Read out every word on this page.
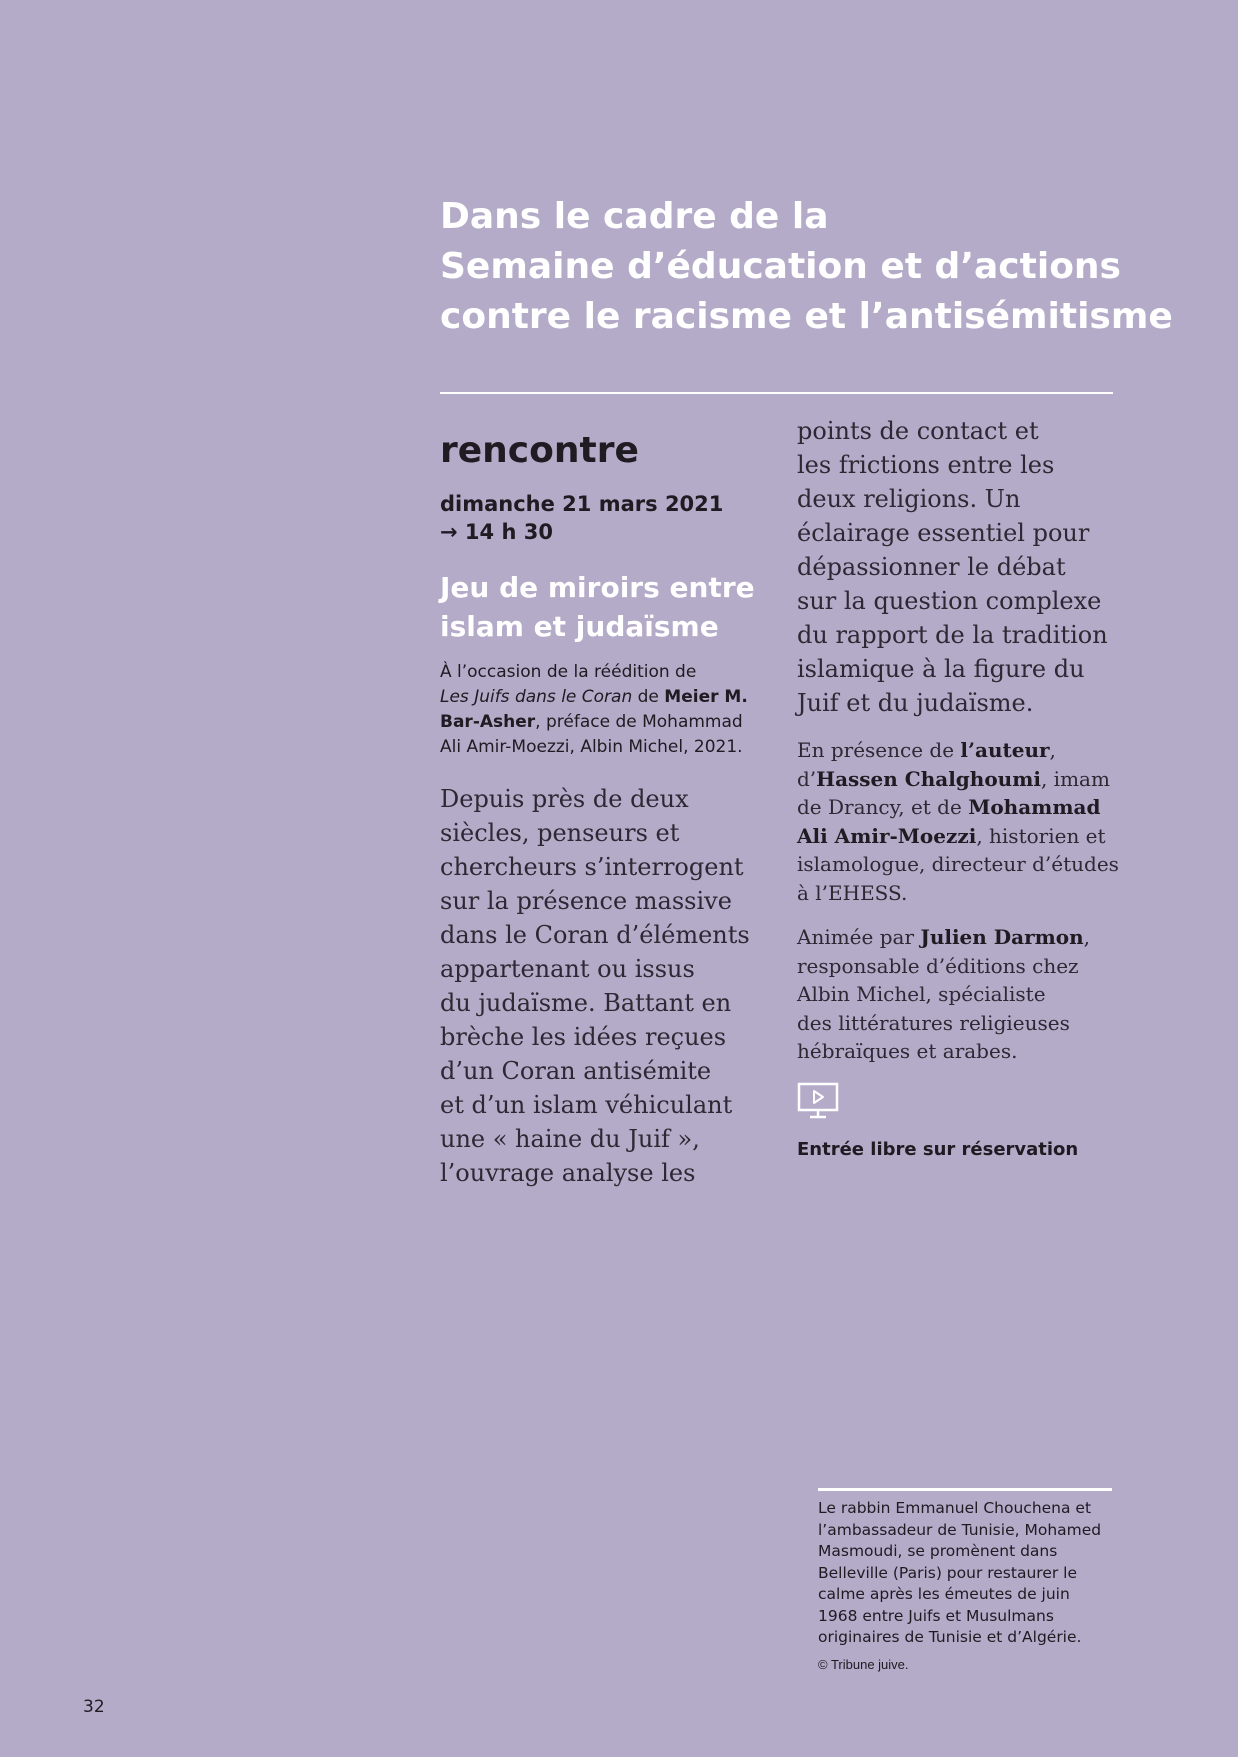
Dans le cadre de la
Semaine d’éducation et d’actions
contre le racisme et l’antisémitisme
rencontre
dimanche 21 mars 2021
→ 14 h 30
Jeu de miroirs entre
islam et judaïsme
À l’occasion de la réédition de
Les Juifs dans le Coran de Meier M.
Bar-Asher, préface de Mohammad
Ali Amir-Moezzi, Albin Michel, 2021.
Depuis près de deux
siècles, penseurs et
chercheurs s’interrogent
sur la présence massive
dans le Coran d’éléments
appartenant ou issus
du judaïsme. Battant en
brèche les idées reçues
d’un Coran antisémite
et d’un islam véhiculant
une « haine du Juif »,
l’ouvrage analyse les
points de contact et
les frictions entre les
deux religions. Un
éclairage essentiel pour
dépassionner le débat
sur la question complexe
du rapport de la tradition
islamique à la figure du
Juif et du judaïsme.
En présence de l’auteur,
d’Hassen Chalghoumi, imam
de Drancy, et de Mohammad
Ali Amir-Moezzi, historien et
islamologue, directeur d’études
à l’EHESS.
Animée par Julien Darmon,
responsable d’éditions chez
Albin Michel, spécialiste
des littératures religieuses
hébraïques et arabes.
Entrée libre sur réservation
Le rabbin Emmanuel Chouchena et
l’ambassadeur de Tunisie, Mohamed
Masmoudi, se promènent dans
Belleville (Paris) pour restaurer le
calme après les émeutes de juin
1968 entre Juifs et Musulmans
originaires de Tunisie et d’Algérie.
© Tribune juive.
32
